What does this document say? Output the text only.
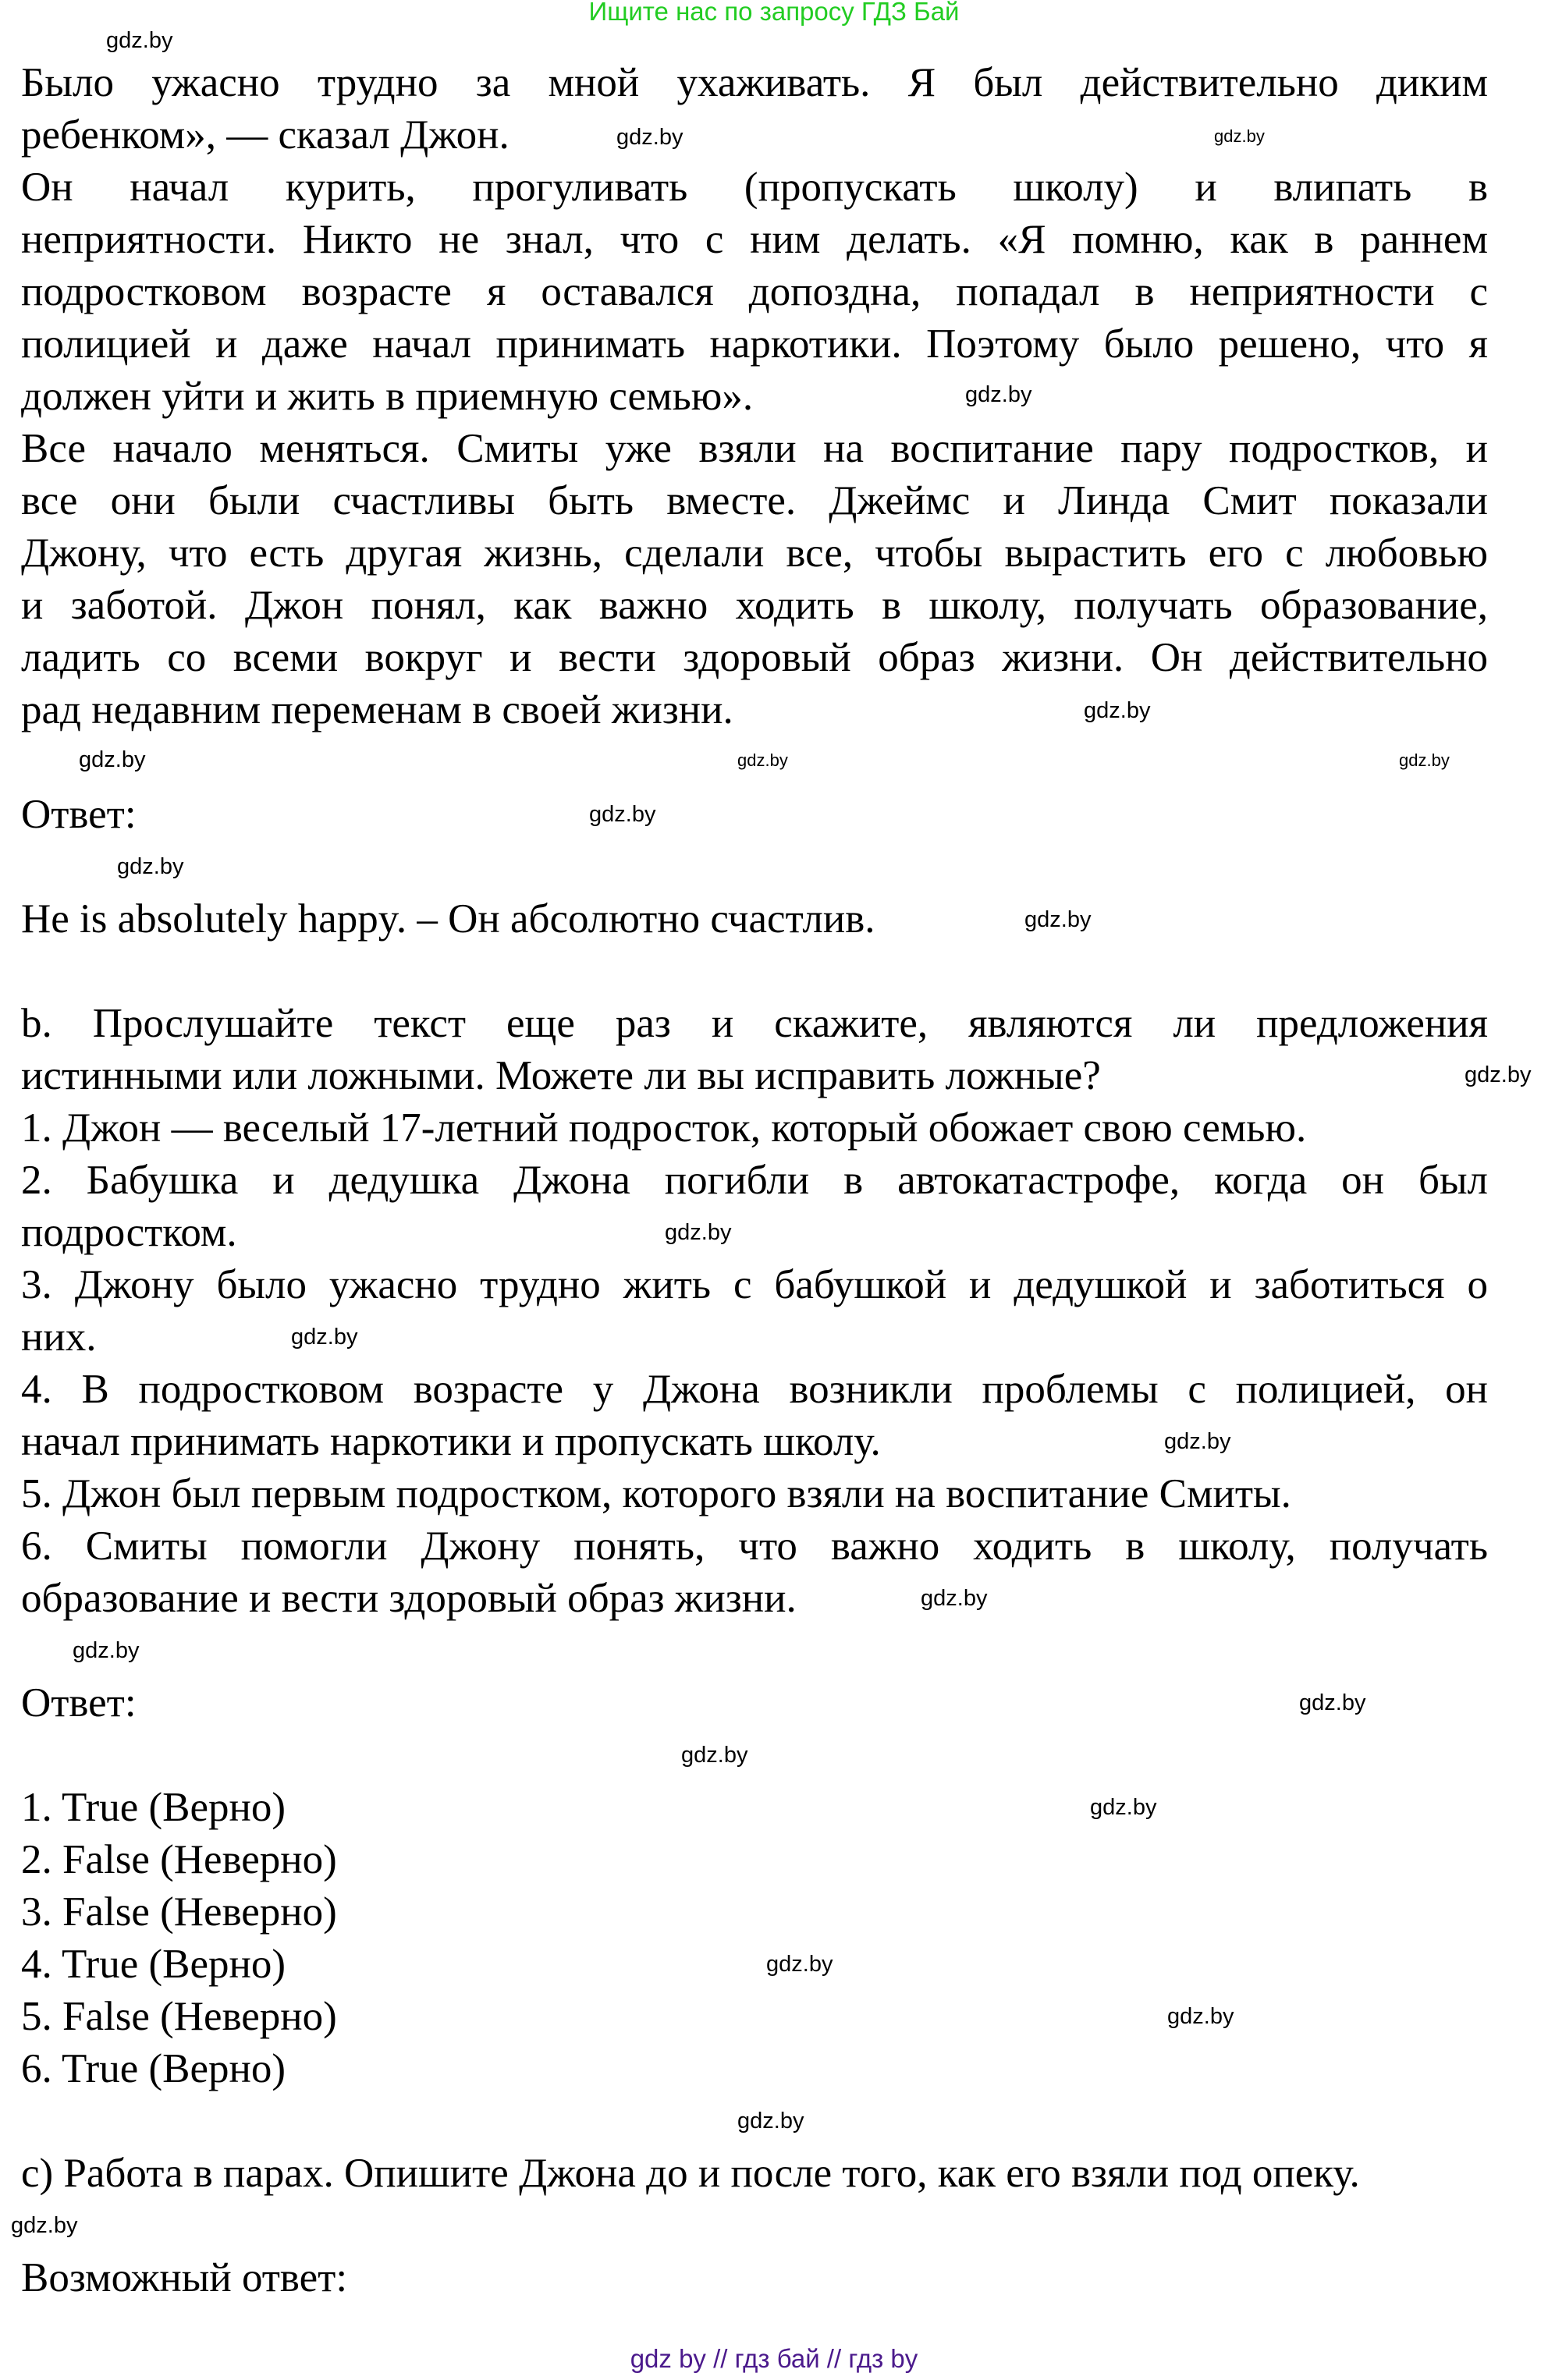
Ищите нас по запросу ГДЗ Бай
Было ужасно трудно за мной ухаживать. Я был действительно диким
ребенком», — сказал Джон.
Он начал курить, прогуливать (пропускать школу) и влипать в
неприятности. Никто не знал, что с ним делать. «Я помню, как в раннем
подростковом возрасте я оставался допоздна, попадал в неприятности с
полицией и даже начал принимать наркотики. Поэтому было решено, что я
должен уйти и жить в приемную семью».
Все начало меняться. Смиты уже взяли на воспитание пару подростков, и
все они были счастливы быть вместе. Джеймс и Линда Смит показали
Джону, что есть другая жизнь, сделали все, чтобы вырастить его с любовью
и заботой. Джон понял, как важно ходить в школу, получать образование,
ладить со всеми вокруг и вести здоровый образ жизни. Он действительно
рад недавним переменам в своей жизни.
Ответ:
He is absolutely happy. – Он абсолютно счастлив.
b. Прослушайте текст еще раз и скажите, являются ли предложения
истинными или ложными. Можете ли вы исправить ложные?
1. Джон — веселый 17-летний подросток, который обожает свою семью.
2. Бабушка и дедушка Джона погибли в автокатастрофе, когда он был
подростком.
3. Джону было ужасно трудно жить с бабушкой и дедушкой и заботиться о
них.
4. В подростковом возрасте у Джона возникли проблемы с полицией, он
начал принимать наркотики и пропускать школу.
5. Джон был первым подростком, которого взяли на воспитание Смиты.
6. Смиты помогли Джону понять, что важно ходить в школу, получать
образование и вести здоровый образ жизни.
Ответ:
1. True (Верно)
2. False (Неверно)
3. False (Неверно)
4. True (Верно)
5. False (Неверно)
6. True (Верно)
c) Работа в парах. Опишите Джона до и после того, как его взяли под опеку.
Возможный ответ:
gdz.by
gdz.by
gdz.by
gdz.by
gdz.by	gdz.by
gdz.by
gdz.by
gdz.by
gdz.by
gdz.by
gdz.by
gdz.by
gdz.by
gdz.by
gdz.by
gdz.by
gdz.by
gdz.by
gdz.by
gdz.by
gdz.by
gdz.by
gdz.by
gdz by // гдз бай // гдз by
